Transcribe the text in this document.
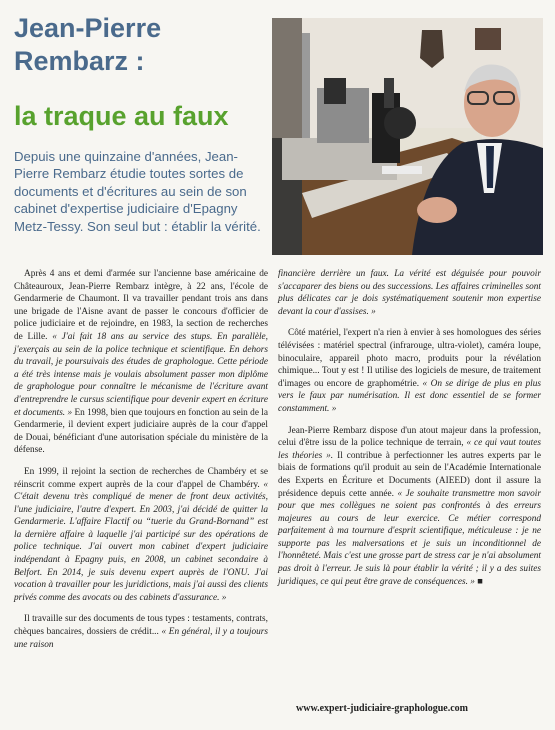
Jean-Pierre
Rembarz :
la traque au faux
Depuis une quinzaine d'années, Jean-Pierre Rembarz étudie toutes sortes de documents et d'écritures au sein de son cabinet d'expertise judiciaire d'Epagny Metz-Tessy. Son seul but : établir la vérité.

Après 4 ans et demi d'armée sur l'ancienne base américaine de Châteauroux, Jean-Pierre Rembarz intègre, à 22 ans, l'école de Gendarmerie de Chaumont. Il va travailler pendant trois ans dans une brigade de l'Aisne avant de passer le concours d'officier de police judiciaire et de rejoindre, en 1983, la section de recherches de Lille. « J'ai fait 18 ans au service des stups. En parallèle, j'exerçais au sein de la police technique et scientifique. En dehors du travail, je poursuivais des études de graphologue. Cette période a été très intense mais je voulais absolument passer mon diplôme de graphologue pour connaître le mécanisme de l'écriture avant d'entreprendre le cursus scientifique pour devenir expert en écriture et documents. » En 1998, bien que toujours en fonction au sein de la Gendarmerie, il devient expert judiciaire auprès de la cour d'appel de Douai, bénéficiant d'une autorisation spéciale du ministère de la défense.

En 1999, il rejoint la section de recherches de Chambéry et se réinscrit comme expert auprès de la cour d'appel de Chambéry. « C'était devenu très compliqué de mener de front deux activités, l'une judiciaire, l'autre d'expert. En 2003, j'ai décidé de quitter la Gendarmerie. L'affaire Flactif ou “tuerie du Grand-Bornand” est la dernière affaire à laquelle j'ai participé sur des opérations de police technique. J'ai ouvert mon cabinet d'expert judiciaire indépendant à Epagny puis, en 2008, un cabinet secondaire à Belfort. En 2014, je suis devenu expert auprès de l'ONU. J'ai vocation à travailler pour les juridictions, mais j'ai aussi des clients privés comme des avocats ou des cabinets d'assurance. »

Il travaille sur des documents de tous types : testaments, contrats, chèques bancaires, dossiers de crédit... « En général, il y a toujours une raison

financière derrière un faux. La vérité est déguisée pour pouvoir s'accaparer des biens ou des successions. Les affaires criminelles sont plus délicates car je dois systématiquement soutenir mon expertise devant la cour d'assises. »

Côté matériel, l'expert n'a rien à envier à ses homologues des séries télévisées : matériel spectral (infrarouge, ultra-violet), caméra loupe, binoculaire, appareil photo macro, produits pour la révélation chimique... Tout y est ! Il utilise des logiciels de mesure, de traitement d'images ou encore de graphométrie. « On se dirige de plus en plus vers le faux par numérisation. Il est donc essentiel de se former constamment. »

Jean-Pierre Rembarz dispose d'un atout majeur dans la profession, celui d'être issu de la police technique de terrain, « ce qui vaut toutes les théories ». Il contribue à perfectionner les autres experts par le biais de formations qu'il produit au sein de l'Académie Internationale des Experts en Écriture et Documents (AIEED) dont il assure la présidence depuis cette année. « Je souhaite transmettre mon savoir pour que mes collègues ne soient pas confrontés à des erreurs majeures au cours de leur exercice. Ce métier correspond parfaitement à ma tournure d'esprit scientifique, méticuleuse : je ne supporte pas les malversations et je suis un inconditionnel de l'honnêteté. Mais c'est une grosse part de stress car je n'ai absolument pas droit à l'erreur. Je suis là pour établir la vérité ; il y a des suites juridiques, ce qui peut être grave de conséquences. » ■

www.expert-judiciaire-graphologue.com
